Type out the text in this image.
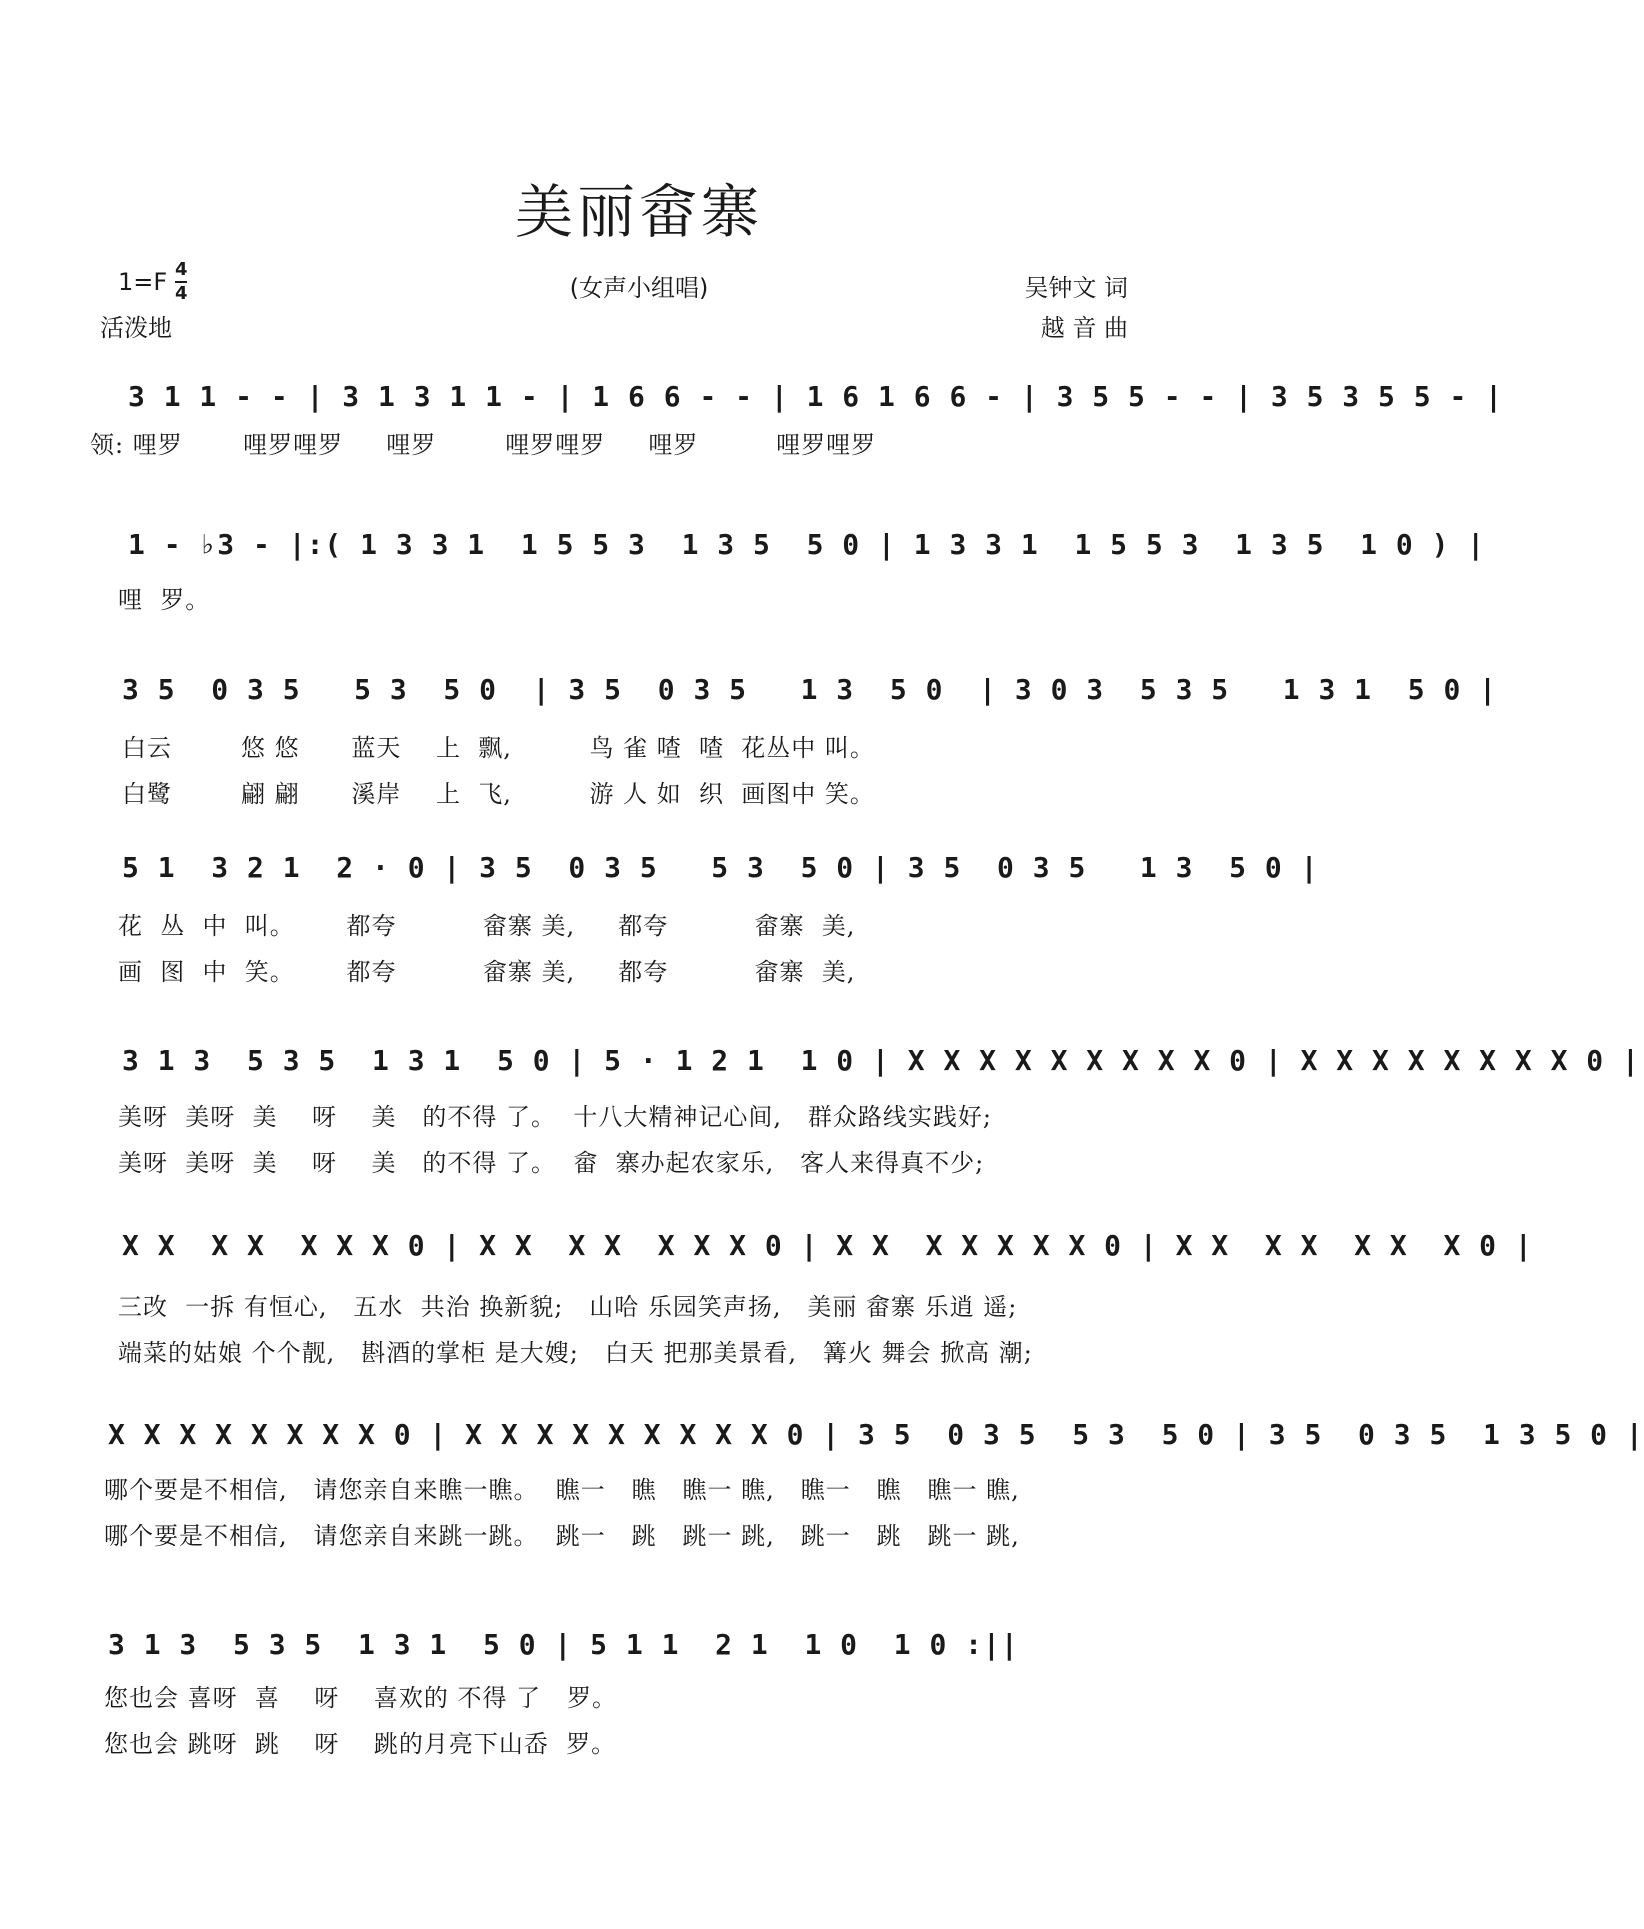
美丽畲寨
1=F 4
4
活泼地
(女声小组唱)	吴钟文 词
越 音 曲
3 1 1 - - | 3 1 3 1 1 - | 1 6 6 - - | 1 6 1 6 6 - | 3 5 5 - - | 3 5 3 5 5 - |
领: 哩罗       哩罗哩罗     哩罗        哩罗哩罗     哩罗         哩罗哩罗
1 - ♭3 - |:( 1 3 3 1  1 5 5 3  1 3 5  5 0 | 1 3 3 1  1 5 5 3  1 3 5  1 0 ) |
哩  罗。
3 5  0 3 5   5 3  5 0  | 3 5  0 3 5   1 3  5 0  | 3 0 3  5 3 5   1 3 1  5 0 |
白云        悠 悠      蓝天    上  飘,         鸟 雀 喳  喳  花丛中 叫。
白鹭        翩 翩      溪岸    上  飞,         游 人 如  织  画图中 笑。
5 1  3 2 1  2 · 0 | 3 5  0 3 5   5 3  5 0 | 3 5  0 3 5   1 3  5 0 |
花  丛  中  叫。      都夸          畲寨 美,     都夸          畲寨  美,
画  图  中  笑。      都夸          畲寨 美,     都夸          畲寨  美,
3 1 3  5 3 5  1 3 1  5 0 | 5 · 1 2 1  1 0 | X X X X X X X X X 0 | X X X X X X X X 0 |
美呀  美呀  美    呀    美   的不得 了。  十八大精神记心间,   群众路线实践好;
美呀  美呀  美    呀    美   的不得 了。  畲  寨办起农家乐,   客人来得真不少;
X X  X X  X X X 0 | X X  X X  X X X 0 | X X  X X X X X 0 | X X  X X  X X  X 0 |
三改  一拆 有恒心,   五水  共治 换新貌;   山哈 乐园笑声扬,   美丽 畲寨 乐逍 遥;
端菜的姑娘 个个靓,   斟酒的掌柜 是大嫂;   白天 把那美景看,   篝火 舞会 掀高 潮;
X X X X X X X X 0 | X X X X X X X X X 0 | 3 5  0 3 5  5 3  5 0 | 3 5  0 3 5  1 3 5 0 |
哪个要是不相信,   请您亲自来瞧一瞧。  瞧一   瞧   瞧一 瞧,   瞧一   瞧   瞧一 瞧,
哪个要是不相信,   请您亲自来跳一跳。  跳一   跳   跳一 跳,   跳一   跳   跳一 跳,
3 1 3  5 3 5  1 3 1  5 0 | 5 1 1  2 1  1 0  1 0 :||
您也会 喜呀  喜    呀    喜欢的 不得 了   罗。
您也会 跳呀  跳    呀    跳的月亮下山岙  罗。
